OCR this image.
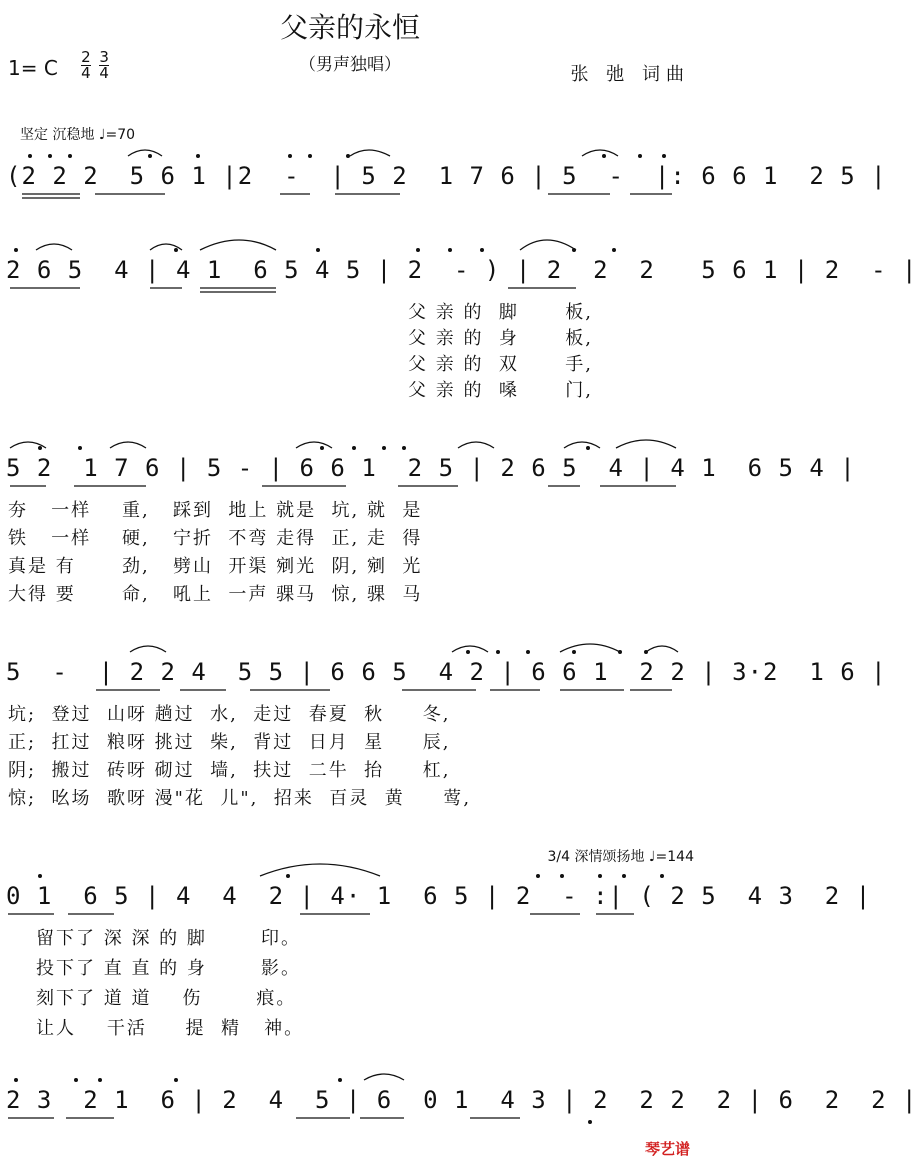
父亲的永恒
（男声独唱）
1= C $\frac{2}{4}$
$\frac{3}{4}$	张 弛 词曲
坚定 沉稳地 ♩=70
(2 2 2  5 6 1 |2  -  | 5 2  1 7 6 | 5  -  |: 6 6 1  2 5 |
2 6 5  4 | 4 1  6 5 4 5 | 2  - ) | 2  2  2   5 6 1 | 2  - |
父 亲 的  脚      板,
父 亲 的  身      板,
父 亲 的  双      手,
父 亲 的  嗓      门,
5 2  1 7 6 | 5 - | 6 6 1  2 5 | 2 6 5  4 | 4 1  6 5 4 |
夯   一样    重,   踩到  地上 就是  坑, 就  是
铁   一样    硬,   宁折  不弯 走得  正, 走  得
真是 有      劲,   劈山  开渠 剜光  阴, 剜  光
大得 要      命,   吼上  一声 骒马  惊, 骒  马
5  -  | 2 2 4  5 5 | 6 6 5  4 2 | 6 6 1  2 2 | 3·2  1 6 |
坑;  登过  山呀 趟过  水,  走过  春夏  秋     冬,
正;  扛过  粮呀 挑过  柴,  背过  日月  星     辰,
阴;  搬过  砖呀 砌过  墙,  扶过  二牛  抬     杠,
惊;  吆场  歌呀 漫"花  儿",  招来  百灵  黄     莺,
3/4 深情颂扬地 ♩=144
0 1  6 5 | 4  4  2 | 4· 1  6 5 | 2  - :| ( 2 5  4 3  2 |
留下了 深 深 的 脚       印。
投下了 直 直 的 身       影。
刻下了 道 道    伤       痕。
让人    干活     提  精   神。
2 3  2 1  6 | 2  4  5 | 6  0 1  4 3 | 2  2 2  2 | 6  2  2 |
琴艺谱
